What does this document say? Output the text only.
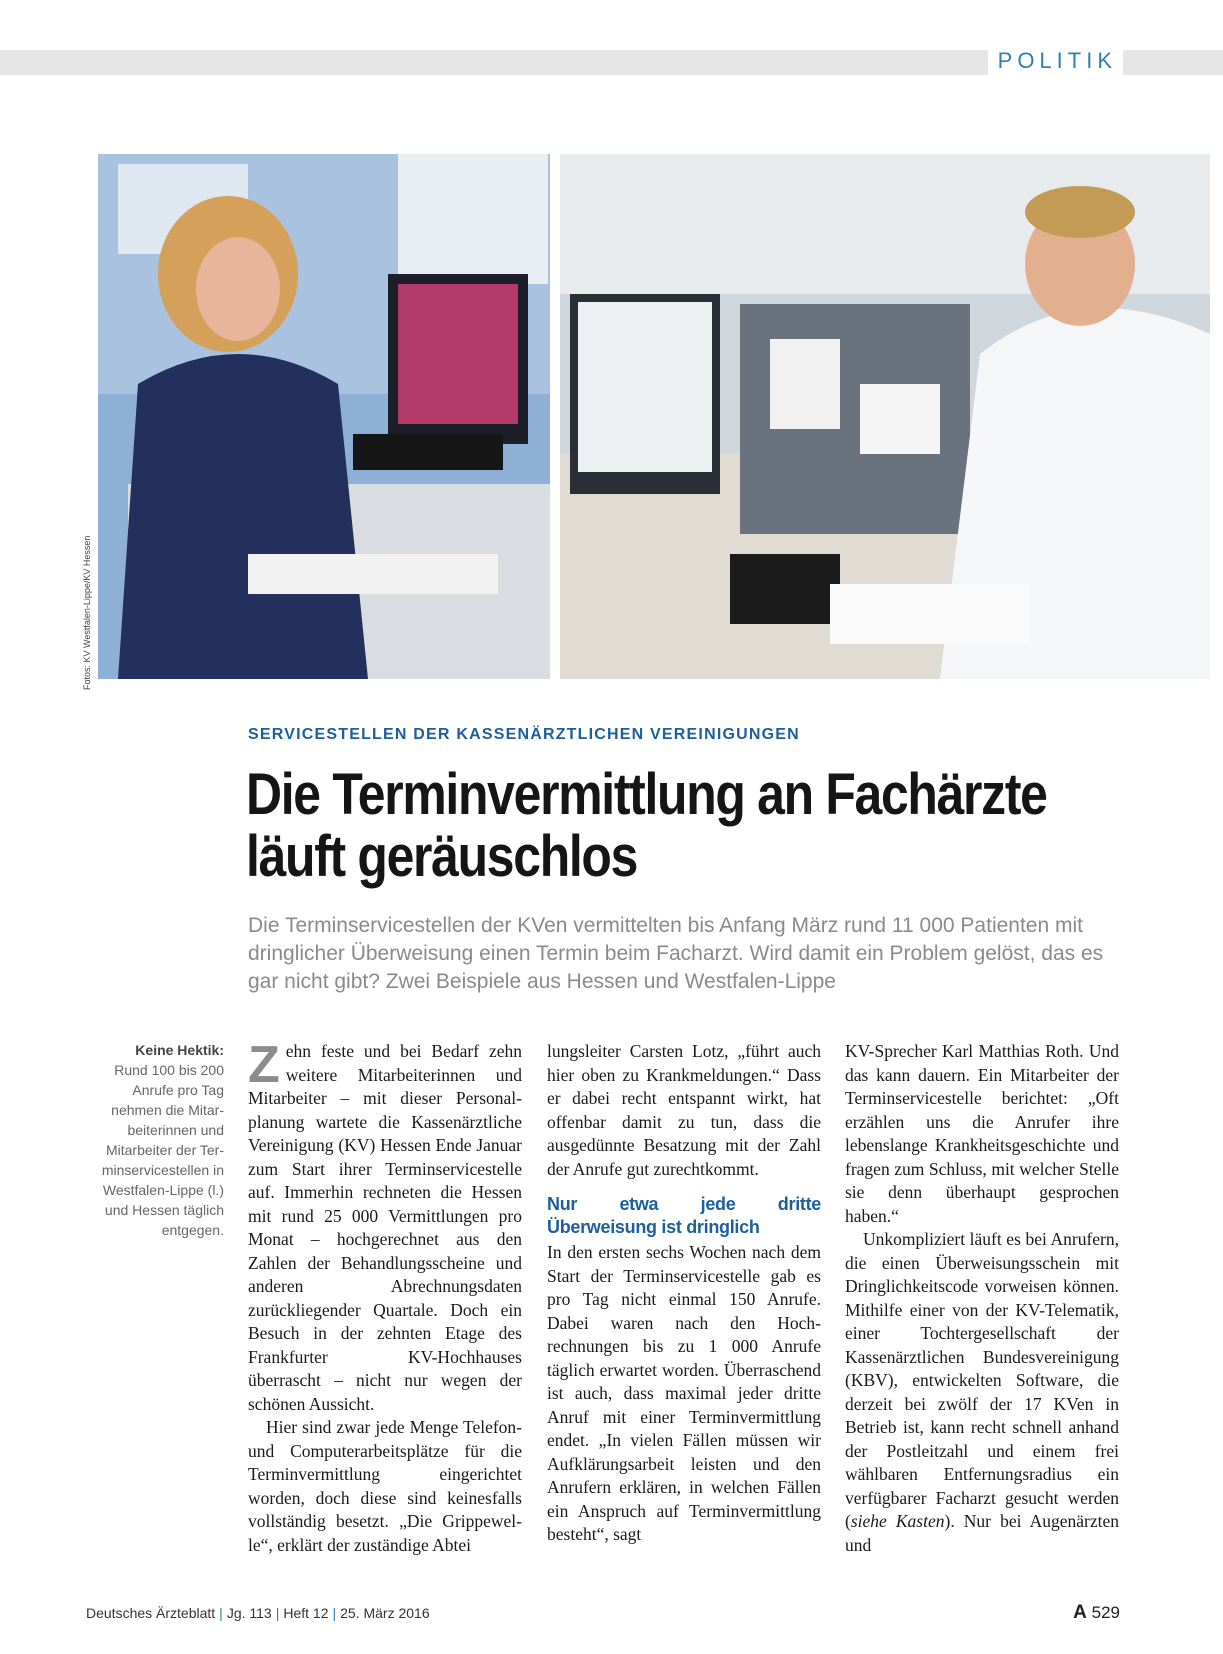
POLITIK
Fotos: KV Westfalen-Lippe/KV Hessen
SERVICESTELLEN DER KASSENÄRZTLICHEN VEREINIGUNGEN
Die Terminvermittlung an Fachärzte
läuft geräuschlos
Die Terminservicestellen der KVen vermittelten bis Anfang März rund 11 000 Patienten mit dringlicher Überweisung einen Termin beim Facharzt. Wird damit ein Problem gelöst, das es gar nicht gibt? Zwei Beispiele aus Hessen und Westfalen-Lippe
Keine Hektik:
Rund 100 bis 200 Anrufe pro Tag nehmen die Mitarbeiterinnen und Mitarbeiter der Terminservicestellen in Westfalen-Lippe (l.) und Hessen täglich entgegen.

Zehn feste und bei Bedarf zehn weitere Mitarbeiterinnen und Mitarbeiter – mit dieser Personalplanung wartete die Kassenärztliche Vereinigung (KV) Hessen Ende Januar zum Start ihrer Terminservicestelle auf. Immerhin rechneten die Hessen mit rund 25 000 Vermittlungen pro Monat – hochgerechnet aus den Zahlen der Behandlungsscheine und anderen Abrechnungsdaten zurückliegender Quartale. Doch ein Besuch in der zehnten Etage des Frankfurter KV-Hochhauses überrascht – nicht nur wegen der schönen Aussicht.

Hier sind zwar jede Menge Telefon- und Computerarbeitsplätze für die Terminvermittlung eingerichtet worden, doch diese sind keinesfalls vollständig besetzt. „Die Grippewelle“, erklärt der zuständige Abtei

lungsleiter Carsten Lotz, „führt auch hier oben zu Krankmeldungen.“ Dass er dabei recht entspannt wirkt, hat offenbar damit zu tun, dass die ausgedünnte Besatzung mit der Zahl der Anrufe gut zurechtkommt.

Nur etwa jede dritte Überweisung ist dringlich

In den ersten sechs Wochen nach dem Start der Terminservicestelle gab es pro Tag nicht einmal 150 Anrufe. Dabei waren nach den Hochrechnungen bis zu 1 000 Anrufe täglich erwartet worden. Überraschend ist auch, dass maximal jeder dritte Anruf mit einer Terminvermittlung endet. „In vielen Fällen müssen wir Aufklärungsarbeit leisten und den Anrufern erklären, in welchen Fällen ein Anspruch auf Terminvermittlung besteht“, sagt

KV-Sprecher Karl Matthias Roth. Und das kann dauern. Ein Mitarbeiter der Terminservicestelle berichtet: „Oft erzählen uns die Anrufer ihre lebenslange Krankheitsgeschichte und fragen zum Schluss, mit welcher Stelle sie denn überhaupt gesprochen haben.“

Unkompliziert läuft es bei Anrufern, die einen Überweisungsschein mit Dringlichkeitscode vorweisen können. Mithilfe einer von der KV-Telematik, einer Tochtergesellschaft der Kassenärztlichen Bundesvereinigung (KBV), entwickelten Software, die derzeit bei zwölf der 17 KVen in Betrieb ist, kann recht schnell anhand der Postleitzahl und einem frei wählbaren Entfernungsradius ein verfügbarer Facharzt gesucht werden (siehe Kasten). Nur bei Augenärzten und

Deutsches Ärzteblatt | Jg. 113 | Heft 12 | 25. März 2016	A 529
